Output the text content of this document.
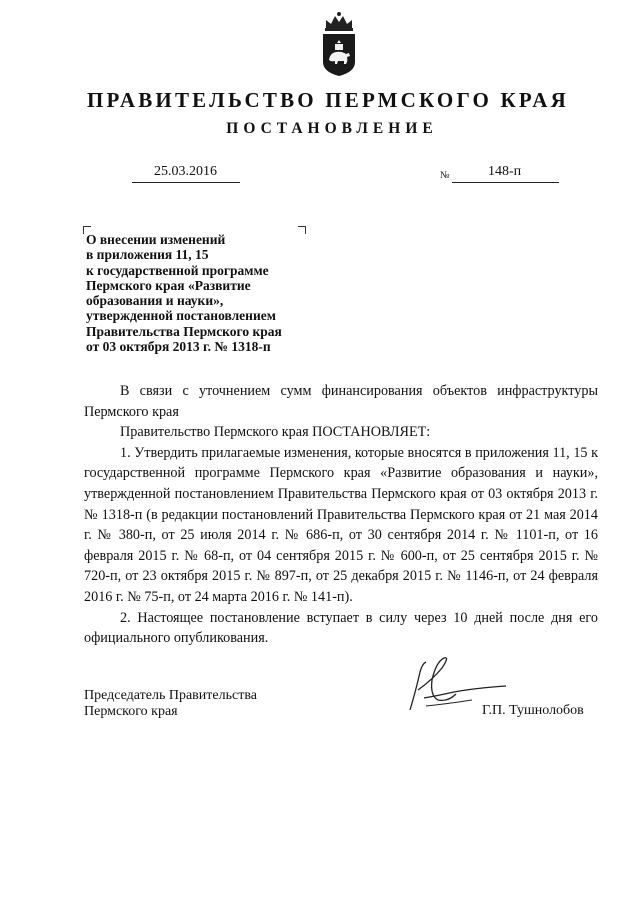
ПРАВИТЕЛЬСТВО ПЕРМСКОГО КРАЯ
ПОСТАНОВЛЕНИЕ
25.03.2016	№	148-п
О внесении изменений
в приложения 11, 15
к государственной программе
Пермского края «Развитие
образования и науки»,
утвержденной постановлением
Правительства Пермского края
от 03 октября 2013 г. № 1318-п

В связи с уточнением сумм финансирования объектов инфраструктуры Пермского края

Правительство Пермского края ПОСТАНОВЛЯЕТ:

1. Утвердить прилагаемые изменения, которые вносятся в приложения 11, 15 к государственной программе Пермского края «Развитие образования и науки», утвержденной постановлением Правительства Пермского края от 03 октября 2013 г. № 1318-п (в редакции постановлений Правительства Пермского края от 21 мая 2014 г. № 380-п, от 25 июля 2014 г. № 686-п, от 30 сентября 2014 г. № 1101-п, от 16 февраля 2015 г. № 68-п, от 04 сентября 2015 г. № 600-п, от 25 сентября 2015 г. № 720-п, от 23 октября 2015 г. № 897-п, от 25 декабря 2015 г. № 1146-п, от 24 февраля 2016 г. № 75-п, от 24 марта 2016 г. № 141-п).

2. Настоящее постановление вступает в силу через 10 дней после дня его официального опубликования.

Председатель Правительства
Пермского края	Г.П. Тушнолобов
